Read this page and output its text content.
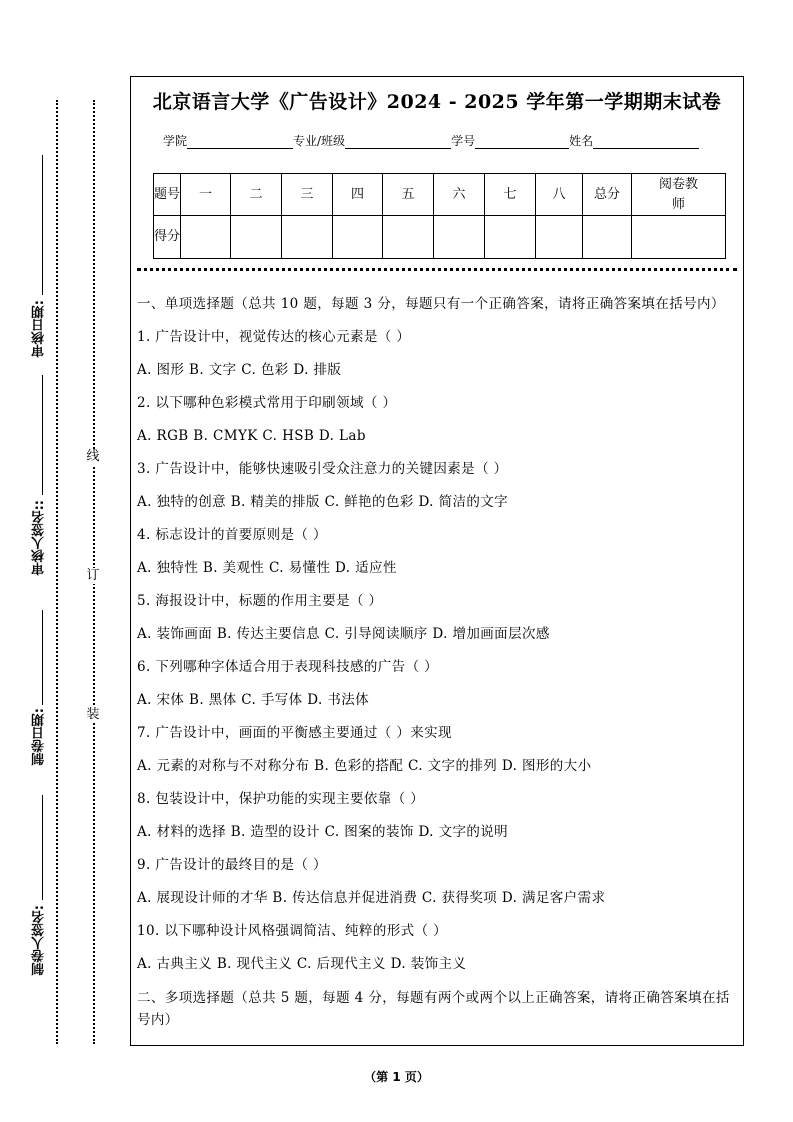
审核日期:
审核人签名::
制卷日期:
制卷人签名:
线
订
装
北京语言大学《广告设计》2024 - 2025 学年第一学期期末试卷
学院	专业/班级	学号	姓名
题号	一	二	三	四	五	六	七	八	总分	阅卷教师
得分										
一、单项选择题（总共 10 题，每题 3 分，每题只有一个正确答案，请将正确答案填在括号内）
1. 广告设计中，视觉传达的核心元素是（ ）
A. 图形 B. 文字 C. 色彩 D. 排版
2. 以下哪种色彩模式常用于印刷领域（ ）
A. RGB B. CMYK C. HSB D. Lab
3. 广告设计中，能够快速吸引受众注意力的关键因素是（ ）
A. 独特的创意 B. 精美的排版 C. 鲜艳的色彩 D. 简洁的文字
4. 标志设计的首要原则是（ ）
A. 独特性 B. 美观性 C. 易懂性 D. 适应性
5. 海报设计中，标题的作用主要是（ ）
A. 装饰画面 B. 传达主要信息 C. 引导阅读顺序 D. 增加画面层次感
6. 下列哪种字体适合用于表现科技感的广告（ ）
A. 宋体 B. 黑体 C. 手写体 D. 书法体
7. 广告设计中，画面的平衡感主要通过（ ）来实现
A. 元素的对称与不对称分布 B. 色彩的搭配 C. 文字的排列 D. 图形的大小
8. 包装设计中，保护功能的实现主要依靠（ ）
A. 材料的选择 B. 造型的设计 C. 图案的装饰 D. 文字的说明
9. 广告设计的最终目的是（ ）
A. 展现设计师的才华 B. 传达信息并促进消费 C. 获得奖项 D. 满足客户需求
10. 以下哪种设计风格强调简洁、纯粹的形式（ ）
A. 古典主义 B. 现代主义 C. 后现代主义 D. 装饰主义
二、多项选择题（总共 5 题，每题 4 分，每题有两个或两个以上正确答案，请将正确答案填在括号内）
（第 1 页）
